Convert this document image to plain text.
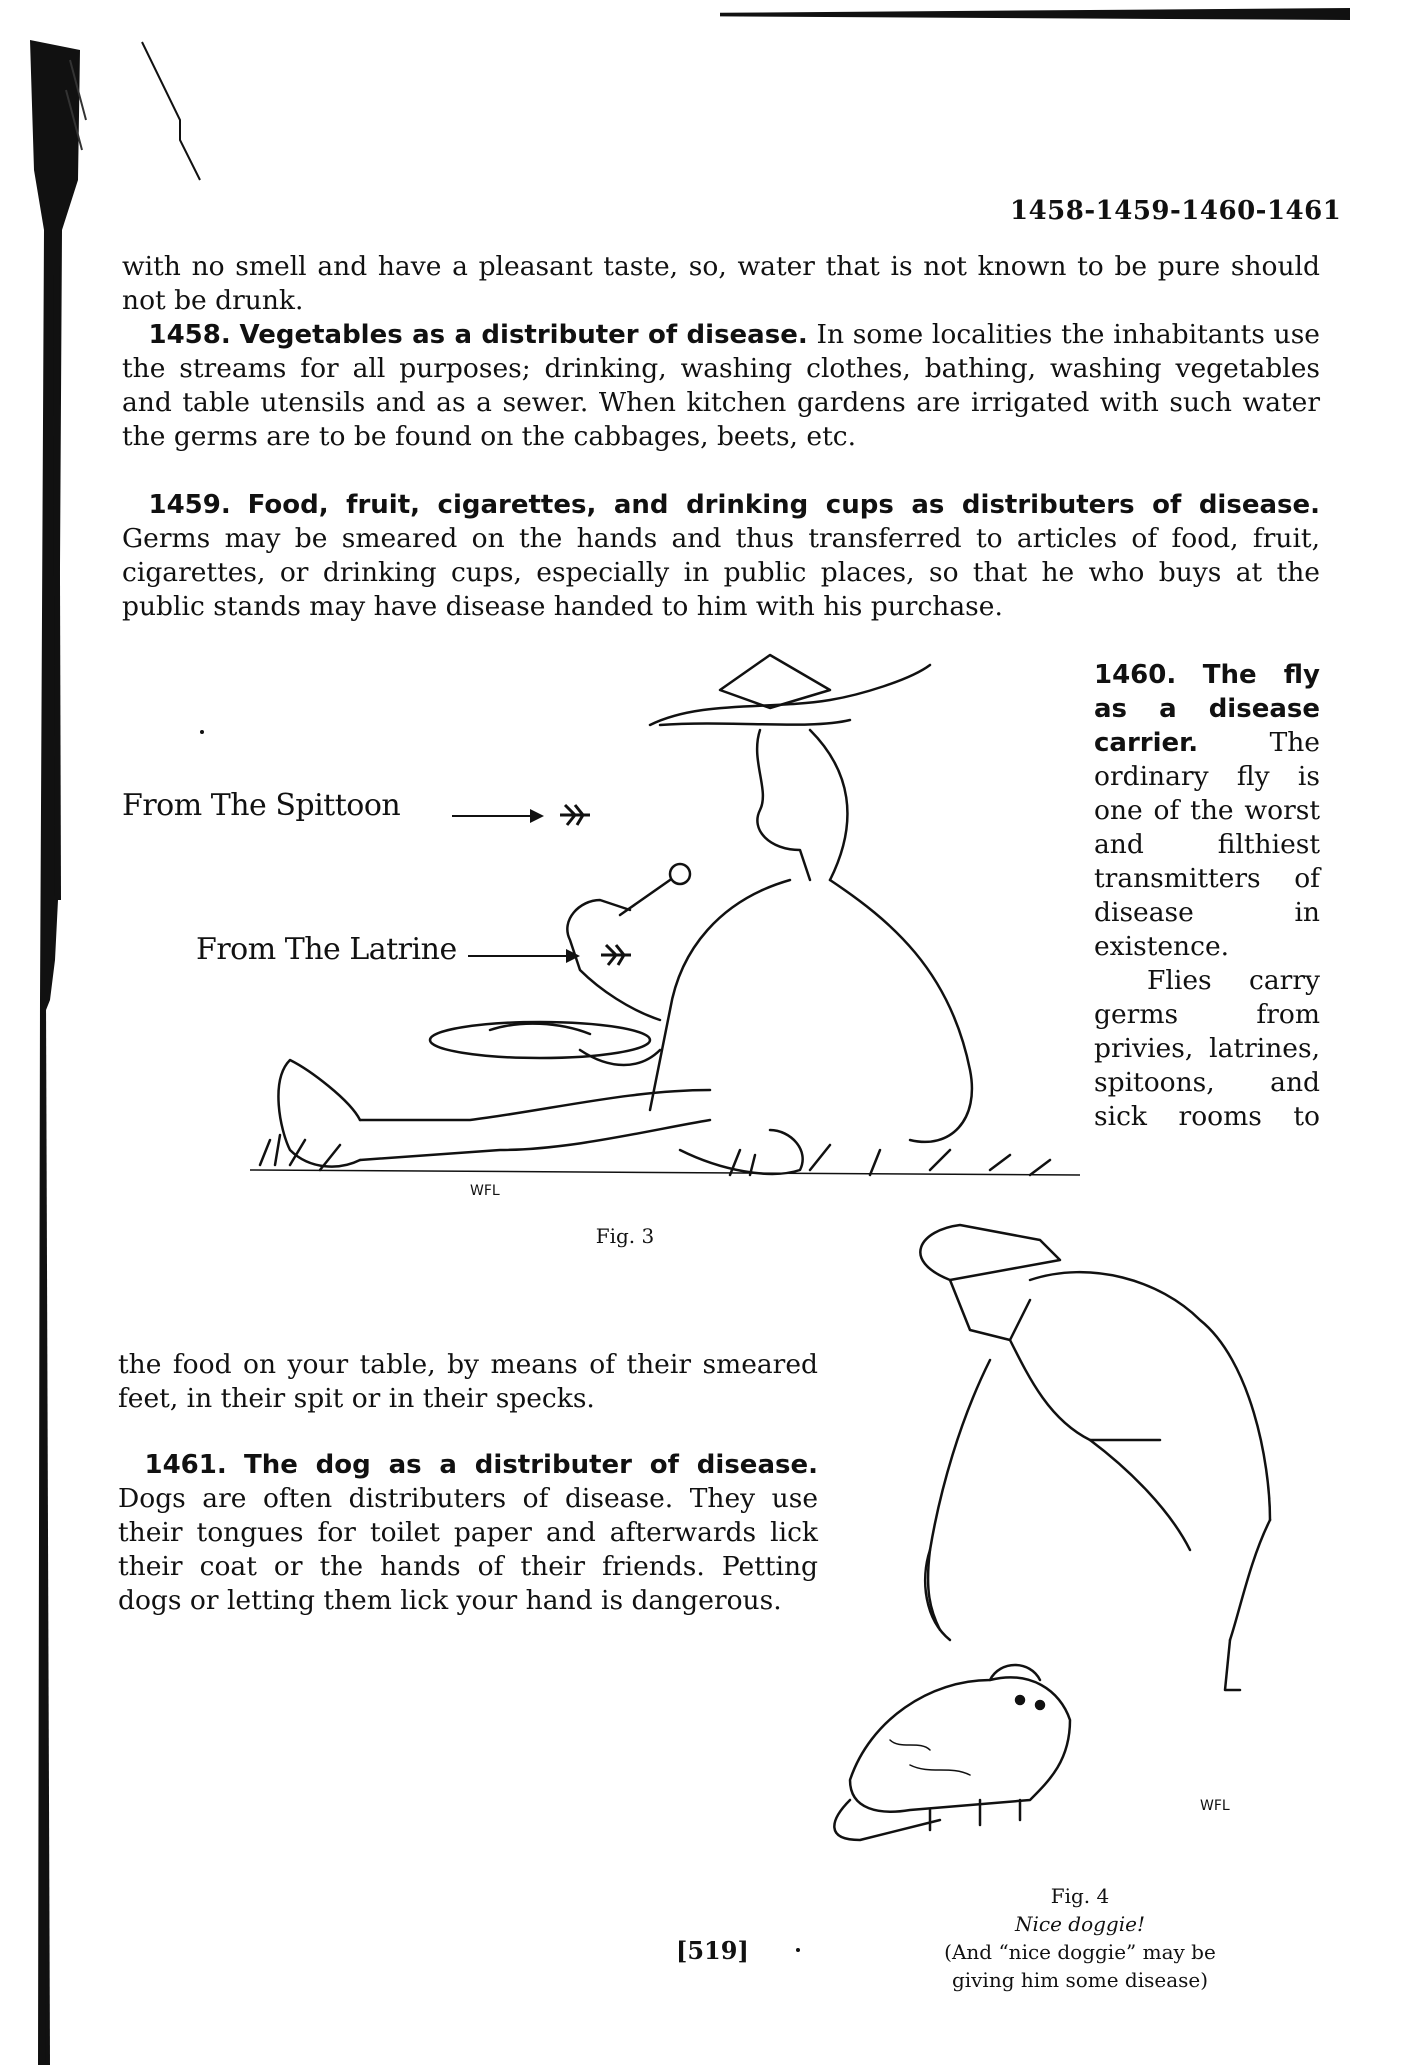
1458-1459-1460-1461
with no smell and have a pleasant taste, so, water that is not known to be pure should not be drunk.
 1458. Vegetables as a distributer of disease. In some localities the inhabitants use the streams for all purposes; drinking, washing clothes, bathing, washing vegetables and table utensils and as a sewer. When kitchen gardens are irrigated with such water the germs are to be found on the cabbages, beets, etc.
 1459. Food, fruit, cigarettes, and drinking cups as distributers of disease. Germs may be smeared on the hands and thus transferred to articles of food, fruit, cigarettes, or drinking cups, especially in public places, so that he who buys at the public stands may have disease handed to him with his purchase.
1460. The fly as a disease carrier.	The ordinary fly is one of the worst and filthiest transmitters of disease in existence.
  Flies carry germs from privies, latrines, spitoons, and sick rooms to
WFL
From The Spittoon
From The Latrine
Fig. 3
the food on your table, by means of their smeared feet, in their spit or in their specks.
 1461. The dog as a distributer of disease. Dogs are often distributers of disease. They use their tongues for toilet paper and afterwards lick their coat or the hands of their friends. Petting dogs or letting them lick your hand is dangerous.
WFL
Fig. 4

Nice doggie!
(And “nice doggie” may be giving him some disease)
[519]
